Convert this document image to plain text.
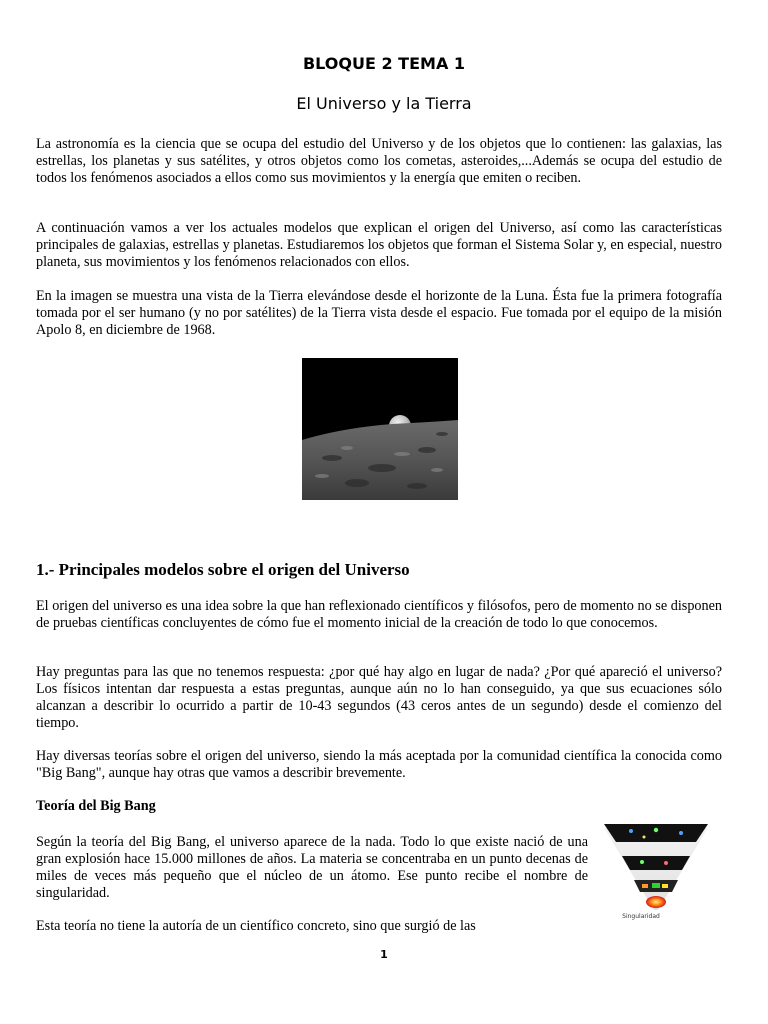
BLOQUE 2 TEMA 1
El Universo y la Tierra

La astronomía es la ciencia que se ocupa del estudio del Universo y de los objetos que lo contienen: las galaxias, las estrellas, los planetas y sus satélites, y otros objetos como los cometas, asteroides,...Además se ocupa del estudio de todos los fenómenos asociados a ellos como sus movimientos y la energía que emiten o reciben.

A continuación vamos a ver los actuales modelos que explican el origen del Universo, así como las características principales de galaxias, estrellas y planetas. Estudiaremos los objetos que forman el Sistema Solar y, en especial, nuestro planeta, sus movimientos y los fenómenos relacionados con ellos.

En la imagen se muestra una vista de la Tierra elevándose desde el horizonte de la Luna. Ésta fue la primera fotografía tomada por el ser humano (y no por satélites) de la Tierra vista desde el espacio. Fue tomada por el equipo de la misión Apolo 8, en diciembre de 1968.

1.- Principales modelos sobre el origen del Universo

El origen del universo es una idea sobre la que han reflexionado científicos y filósofos, pero de momento no se disponen de pruebas científicas concluyentes de cómo fue el momento inicial de la creación de todo lo que conocemos.

Hay preguntas para las que no tenemos respuesta: ¿por qué hay algo en lugar de nada? ¿Por qué apareció el universo? Los físicos intentan dar respuesta a estas preguntas, aunque aún no lo han conseguido, ya que sus ecuaciones sólo alcanzan a describir lo ocurrido a partir de 10-43 segundos (43 ceros antes de un segundo) desde el comienzo del tiempo.

Hay diversas teorías sobre el origen del universo, siendo la más aceptada por la comunidad científica la conocida como "Big Bang", aunque hay otras que vamos a describir brevemente.

Teoría del Big Bang

Según la teoría del Big Bang, el universo aparece de la nada. Todo lo que existe nació de una gran explosión hace 15.000 millones de años. La materia se concentraba en un punto decenas de miles de veces más pequeño que el núcleo de un átomo. Ese punto recibe el nombre de singularidad.

Esta teoría no tiene la autoría de un científico concreto, sino que surgió de las

Singularidad
1
